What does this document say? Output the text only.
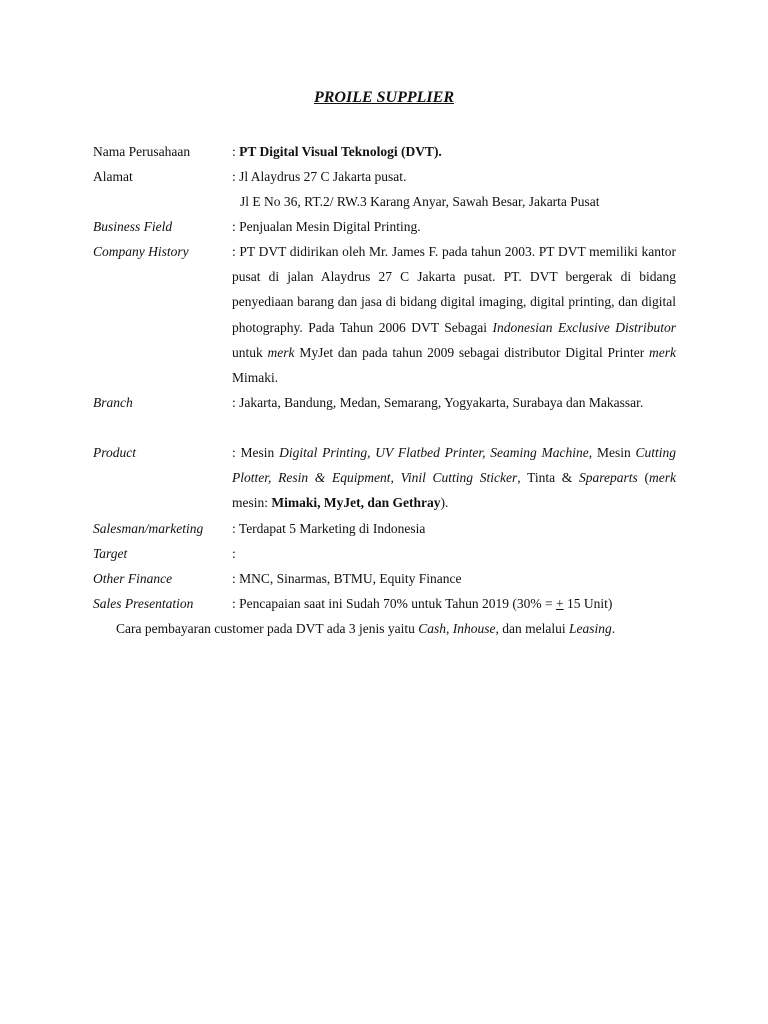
PROILE SUPPLIER
Nama Perusahaan	: PT Digital Visual Teknologi (DVT).
Alamat	: Jl Alaydrus 27 C Jakarta pusat.
Jl E No 36, RT.2/ RW.3 Karang Anyar, Sawah Besar, Jakarta Pusat
Business Field	: Penjualan Mesin Digital Printing.
Company History	: PT DVT didirikan oleh Mr. James F. pada tahun 2003. PT DVT memiliki kantor pusat di jalan Alaydrus 27 C Jakarta pusat. PT. DVT bergerak di bidang penyediaan barang dan jasa di bidang digital imaging, digital printing, dan digital photography. Pada Tahun 2006 DVT Sebagai Indonesian Exclusive Distributor untuk merk MyJet dan pada tahun 2009 sebagai distributor Digital Printer merk Mimaki.
Branch	: Jakarta, Bandung, Medan, Semarang, Yogyakarta, Surabaya dan Makassar.
Product	: Mesin Digital Printing, UV Flatbed Printer, Seaming Machine, Mesin Cutting Plotter, Resin & Equipment, Vinil Cutting Sticker, Tinta & Spareparts (merk mesin: Mimaki, MyJet, dan Gethray).
Salesman/marketing	: Terdapat 5 Marketing di Indonesia
Target	:
Other Finance	: MNC, Sinarmas, BTMU, Equity Finance
Sales Presentation	: Pencapaian saat ini Sudah 70% untuk Tahun 2019 (30% = + 15 Unit)
Cara pembayaran customer pada DVT ada 3 jenis yaitu Cash, Inhouse, dan melalui Leasing.
